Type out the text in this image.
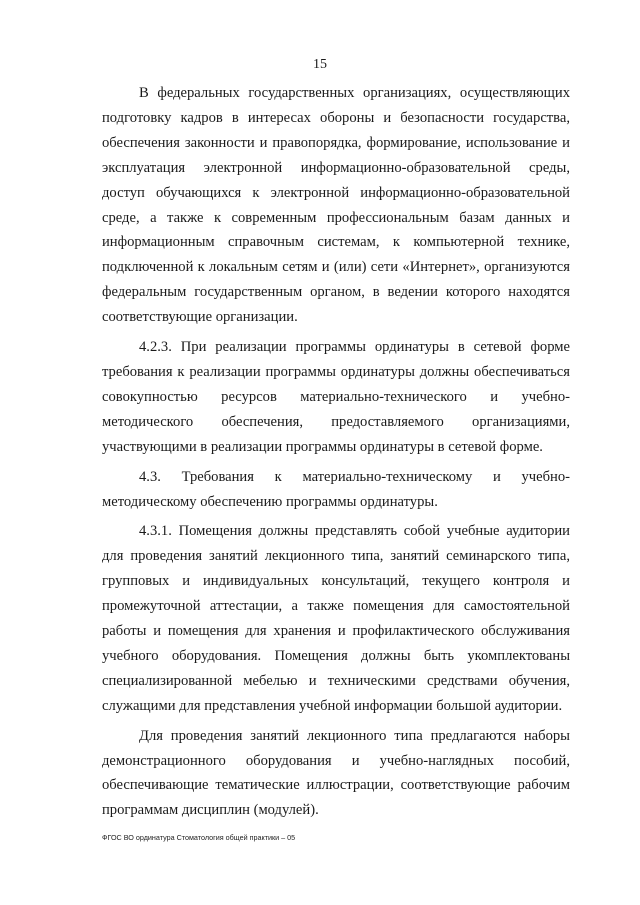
15

В федеральных государственных организациях, осуществляющих подготовку кадров в интересах обороны и безопасности государства, обеспечения законности и правопорядка, формирование, использование и эксплуатация электронной информационно-образовательной среды, доступ обучающихся к электронной информационно-образовательной среде, а также к современным профессиональным базам данных и информационным справочным системам, к компьютерной технике, подключенной к локальным сетям и (или) сети «Интернет», организуются федеральным государственным органом, в ведении которого находятся соответствующие организации.

4.2.3. При реализации программы ординатуры в сетевой форме требования к реализации программы ординатуры должны обеспечиваться совокупностью ресурсов материально-технического и учебно-методического обеспечения, предоставляемого организациями, участвующими в реализации программы ординатуры в сетевой форме.

4.3. Требования к материально-техническому и учебно-методическому обеспечению программы ординатуры.

4.3.1. Помещения должны представлять собой учебные аудитории для проведения занятий лекционного типа, занятий семинарского типа, групповых и индивидуальных консультаций, текущего контроля и промежуточной аттестации, а также помещения для самостоятельной работы и помещения для хранения и профилактического обслуживания учебного оборудования. Помещения должны быть укомплектованы специализированной мебелью и техническими средствами обучения, служащими для представления учебной информации большой аудитории.

Для проведения занятий лекционного типа предлагаются наборы демонстрационного оборудования и учебно-наглядных пособий, обеспечивающие тематические иллюстрации, соответствующие рабочим программам дисциплин (модулей).

ФГОС ВО ординатура Стоматология общей практики – 05
